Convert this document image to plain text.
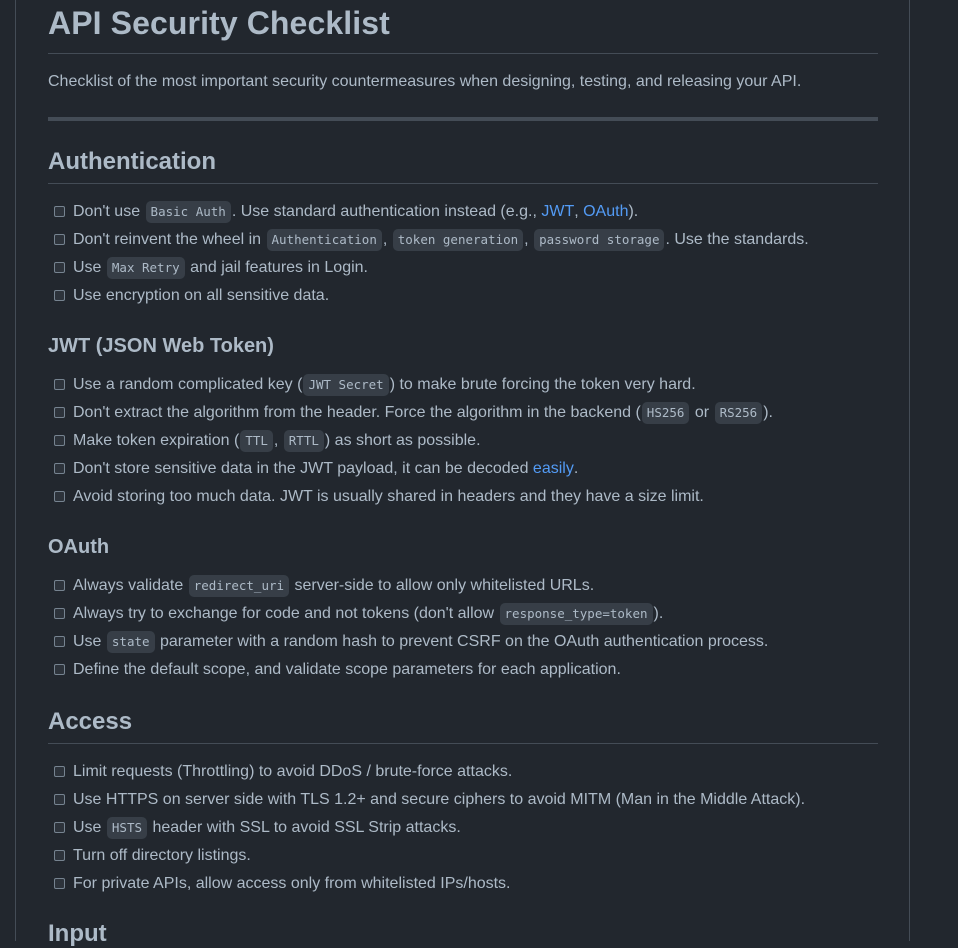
API Security Checklist

Checklist of the most important security countermeasures when designing, testing, and releasing your API.

Authentication
Don't use Basic Auth . Use standard authentication instead (e.g., JWT , OAuth ).
Don't reinvent the wheel in Authentication , token generation , password storage . Use the standards.
Use Max Retry and jail features in Login.
Use encryption on all sensitive data.
JWT (JSON Web Token)
Use a random complicated key ( JWT Secret ) to make brute forcing the token very hard.
Don't extract the algorithm from the header. Force the algorithm in the backend ( HS256 or RS256 ).
Make token expiration ( TTL , RTTL ) as short as possible.
Don't store sensitive data in the JWT payload, it can be decoded easily .
Avoid storing too much data. JWT is usually shared in headers and they have a size limit.
OAuth
Always validate redirect_uri server-side to allow only whitelisted URLs.
Always try to exchange for code and not tokens (don't allow response_type=token ).
Use state parameter with a random hash to prevent CSRF on the OAuth authentication process.
Define the default scope, and validate scope parameters for each application.
Access
Limit requests (Throttling) to avoid DDoS / brute-force attacks.
Use HTTPS on server side with TLS 1.2+ and secure ciphers to avoid MITM (Man in the Middle Attack).
Use HSTS header with SSL to avoid SSL Strip attacks.
Turn off directory listings.
For private APIs, allow access only from whitelisted IPs/hosts.
Input
